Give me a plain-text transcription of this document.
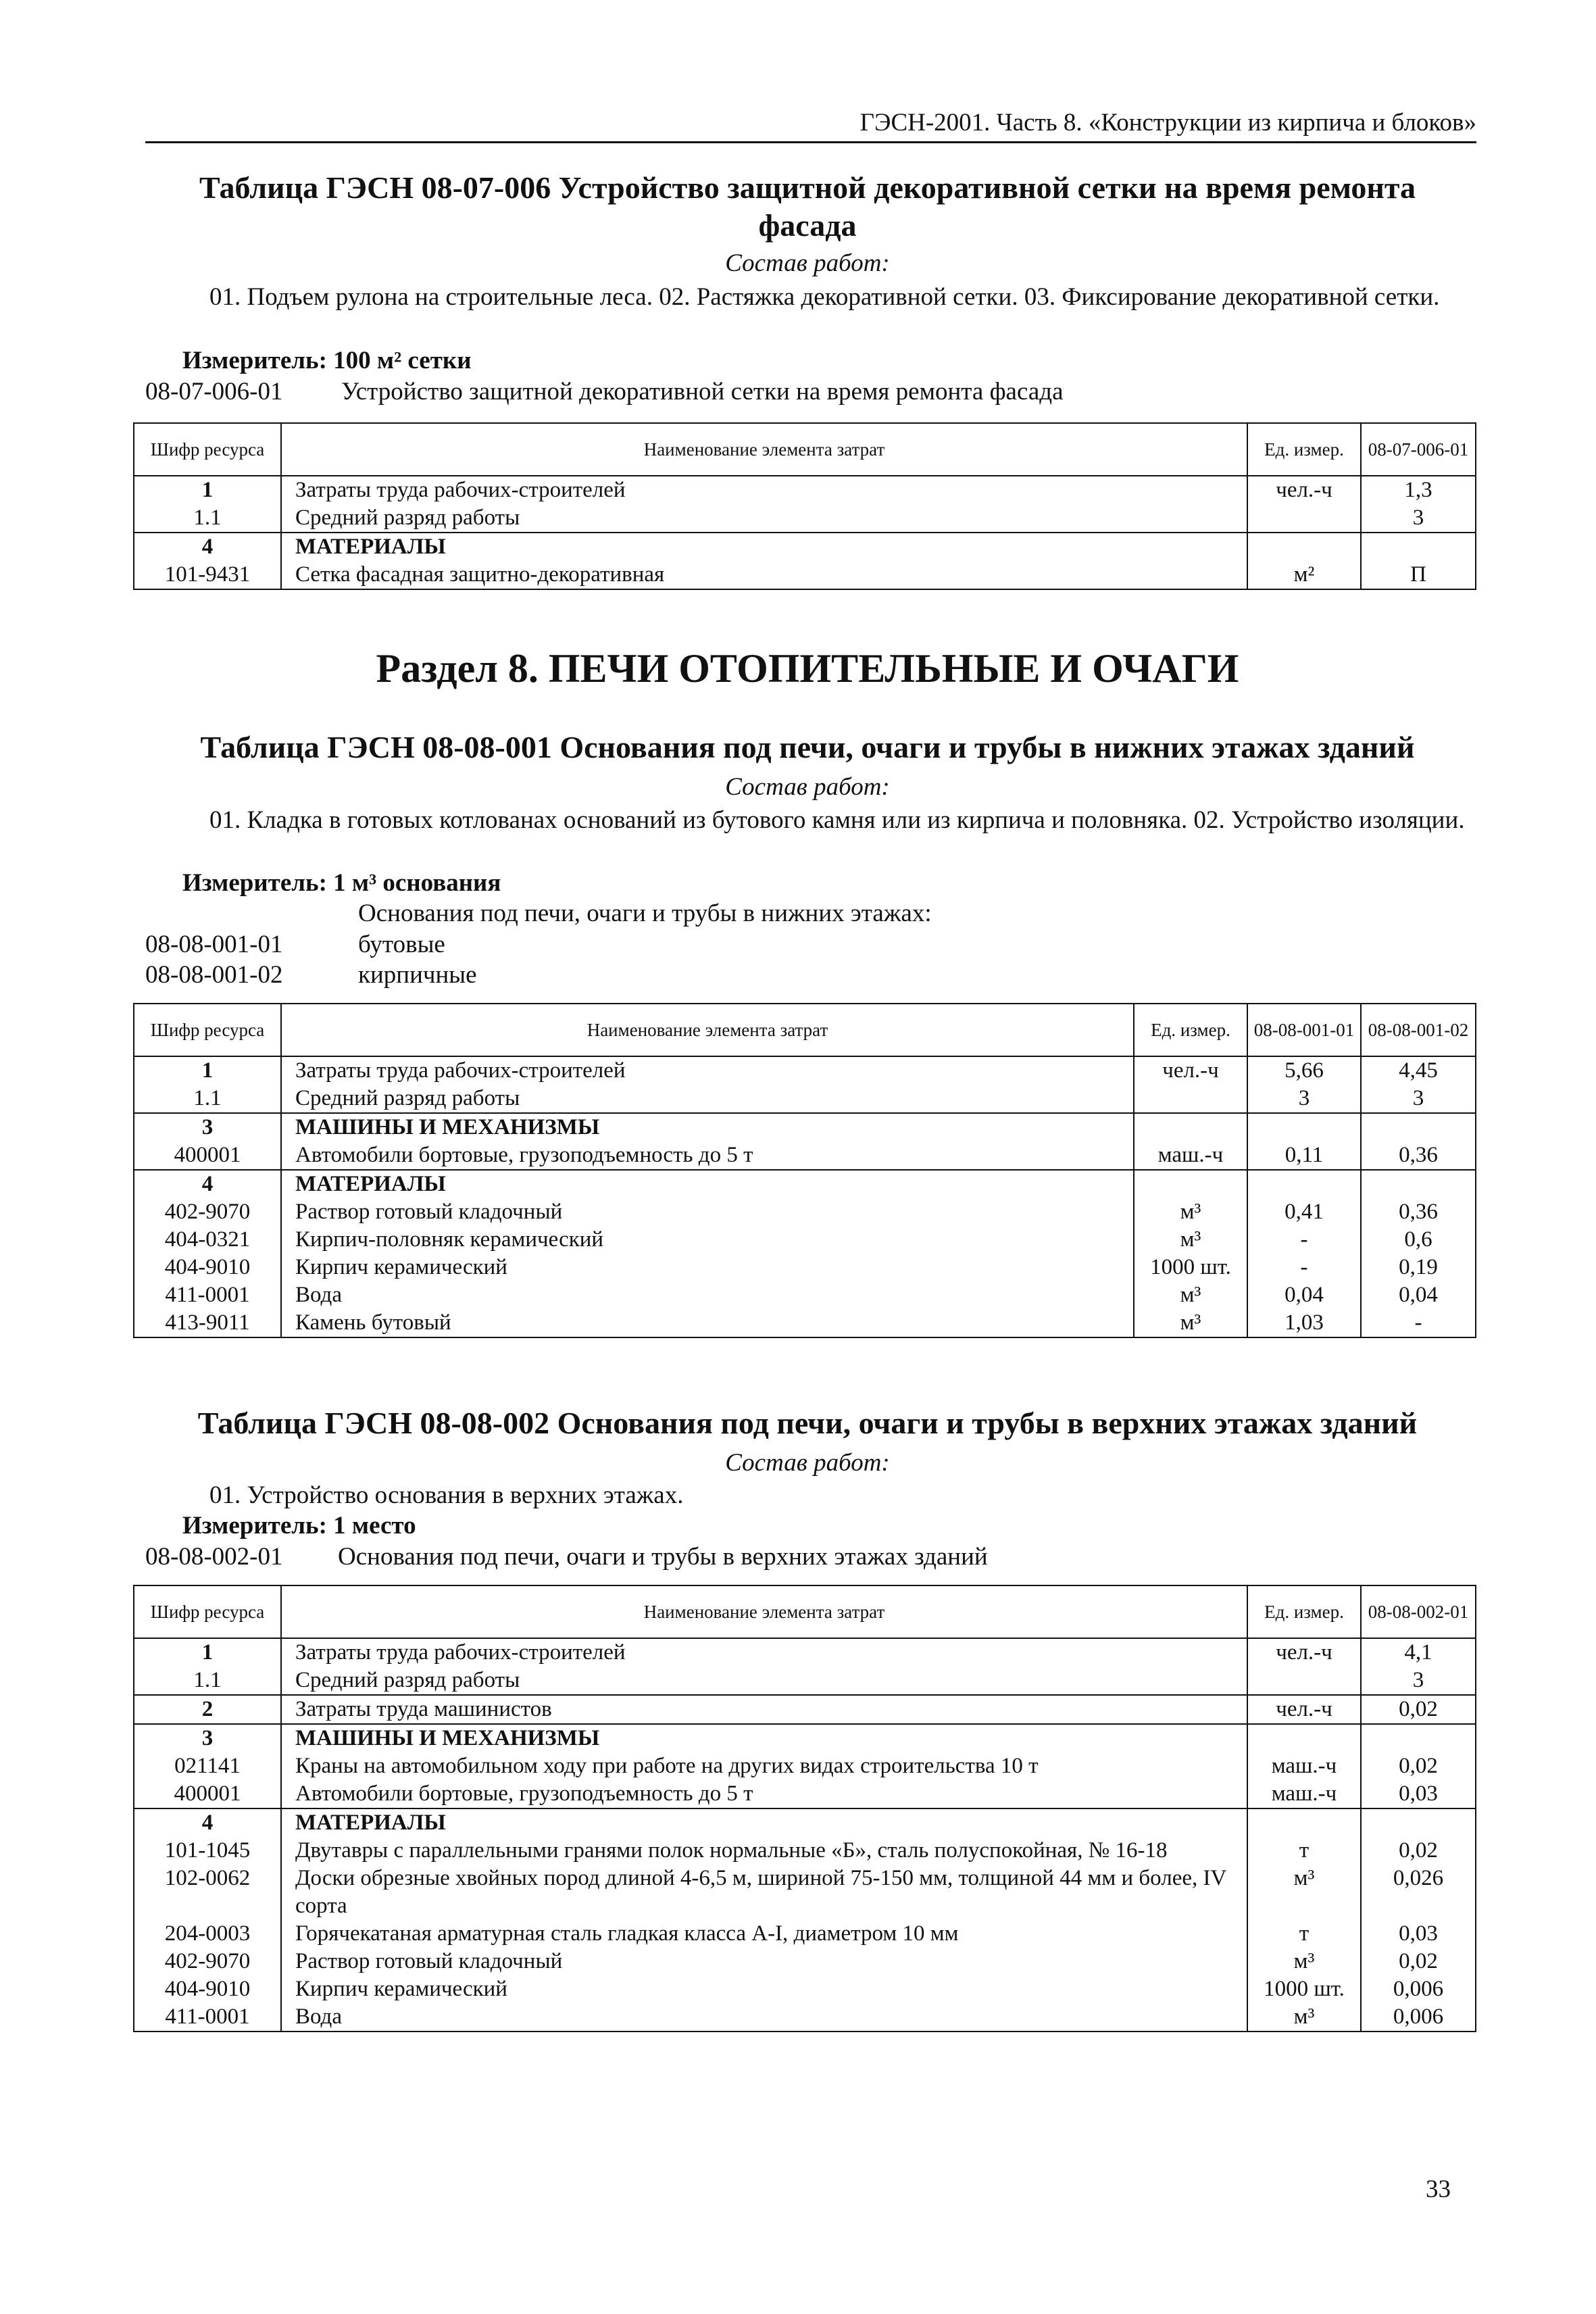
ГЭСН-2001. Часть 8. «Конструкции из кирпича и блоков»
Таблица ГЭСН 08-07-006 Устройство защитной декоративной сетки на время ремонта фасада
Состав работ:
01. Подъем рулона на строительные леса. 02. Растяжка декоративной сетки. 03. Фиксирование декоративной сетки.
Измеритель: 100 м² сетки
08-07-006-01 Устройство защитной декоративной сетки на время ремонта фасада
Шифр ресурса	Наименование элемента затрат	Ед. измер.	08-07-006-01
1	Затраты труда рабочих-строителей	чел.-ч	1,3
1.1	Средний разряд работы		3
4	МАТЕРИАЛЫ		
101-9431	Сетка фасадная защитно-декоративная	м²	П
Раздел 8. ПЕЧИ ОТОПИТЕЛЬНЫЕ И ОЧАГИ
Таблица ГЭСН 08-08-001 Основания под печи, очаги и трубы в нижних этажах зданий
Состав работ:
01. Кладка в готовых котлованах оснований из бутового камня или из кирпича и половняка. 02. Устройство изоляции.
Измеритель: 1 м³ основания
Основания под печи, очаги и трубы в нижних этажах:
08-08-001-01	бутовые
08-08-001-02	кирпичные
Шифр ресурса	Наименование элемента затрат	Ед. измер.	08-08-001-01	08-08-001-02
1	Затраты труда рабочих-строителей	чел.-ч	5,66	4,45
1.1	Средний разряд работы		3	3
3	МАШИНЫ И МЕХАНИЗМЫ			
400001	Автомобили бортовые, грузоподъемность до 5 т	маш.-ч	0,11	0,36
4	МАТЕРИАЛЫ			
402-9070	Раствор готовый кладочный	м³	0,41	0,36
404-0321	Кирпич-половняк керамический	м³	-	0,6
404-9010	Кирпич керамический	1000 шт.	-	0,19
411-0001	Вода	м³	0,04	0,04
413-9011	Камень бутовый	м³	1,03	-
Таблица ГЭСН 08-08-002 Основания под печи, очаги и трубы в верхних этажах зданий
Состав работ:
01. Устройство основания в верхних этажах.
Измеритель: 1 место
08-08-002-01 Основания под печи, очаги и трубы в верхних этажах зданий
Шифр ресурса	Наименование элемента затрат	Ед. измер.	08-08-002-01
1	Затраты труда рабочих-строителей	чел.-ч	4,1
1.1	Средний разряд работы		3
2	Затраты труда машинистов	чел.-ч	0,02
3	МАШИНЫ И МЕХАНИЗМЫ		
021141	Краны на автомобильном ходу при работе на других видах строительства 10 т	маш.-ч	0,02
400001	Автомобили бортовые, грузоподъемность до 5 т	маш.-ч	0,03
4	МАТЕРИАЛЫ		
101-1045	Двутавры с параллельными гранями полок нормальные «Б», сталь полуспокойная, № 16-18	т	0,02
102-0062	Доски обрезные хвойных пород длиной 4-6,5 м, шириной 75-150 мм, толщиной 44 мм и более, IV сорта	м³	0,026
204-0003	Горячекатаная арматурная сталь гладкая класса А-I, диаметром 10 мм	т	0,03
402-9070	Раствор готовый кладочный	м³	0,02
404-9010	Кирпич керамический	1000 шт.	0,006
411-0001	Вода	м³	0,006
33
